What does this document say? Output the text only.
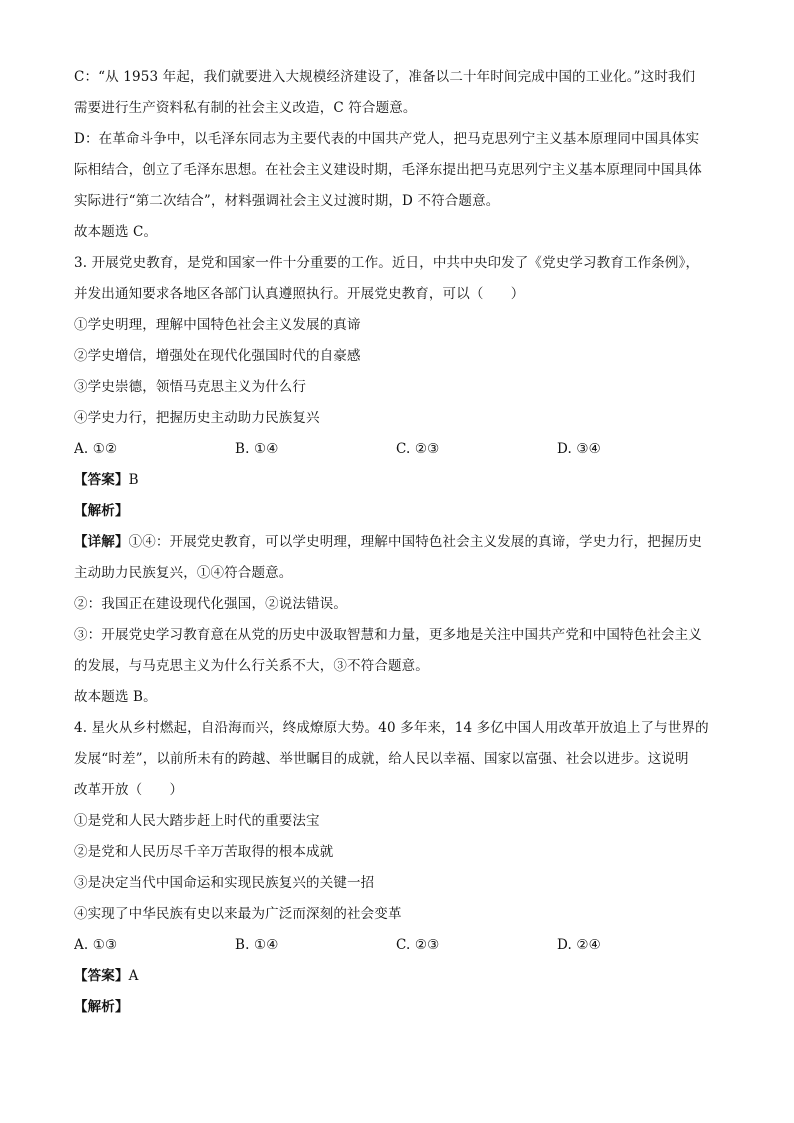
C：“从 1953 年起，我们就要进入大规模经济建设了，准备以二十年时间完成中国的工业化。”这时我们
需要进行生产资料私有制的社会主义改造，C 符合题意。
D：在革命斗争中，以毛泽东同志为主要代表的中国共产党人，把马克思列宁主义基本原理同中国具体实
际相结合，创立了毛泽东思想。在社会主义建设时期，毛泽东提出把马克思列宁主义基本原理同中国具体
实际进行“第二次结合”，材料强调社会主义过渡时期，D 不符合题意。
故本题选 C。
3. 开展党史教育，是党和国家一件十分重要的工作。近日，中共中央印发了《党史学习教育工作条例》，
并发出通知要求各地区各部门认真遵照执行。开展党史教育，可以（　　）
①学史明理，理解中国特色社会主义发展的真谛
②学史增信，增强处在现代化强国时代的自豪感
③学史崇德，领悟马克思主义为什么行
④学史力行，把握历史主动助力民族复兴
A. ①②	B. ①④	C. ②③	D. ③④
【答案】B
【解析】
【详解】①④：开展党史教育，可以学史明理，理解中国特色社会主义发展的真谛，学史力行，把握历史
主动助力民族复兴，①④符合题意。
②：我国正在建设现代化强国，②说法错误。
③：开展党史学习教育意在从党的历史中汲取智慧和力量，更多地是关注中国共产党和中国特色社会主义
的发展，与马克思主义为什么行关系不大，③不符合题意。
故本题选 B。
4. 星火从乡村燃起，自沿海而兴，终成燎原大势。40 多年来，14 多亿中国人用改革开放追上了与世界的
发展“时差”，以前所未有的跨越、举世瞩目的成就，给人民以幸福、国家以富强、社会以进步。这说明
改革开放（　　）
①是党和人民大踏步赶上时代的重要法宝
②是党和人民历尽千辛万苦取得的根本成就
③是决定当代中国命运和实现民族复兴的关键一招
④实现了中华民族有史以来最为广泛而深刻的社会变革
A. ①③	B. ①④	C. ②③	D. ②④
【答案】A
【解析】
